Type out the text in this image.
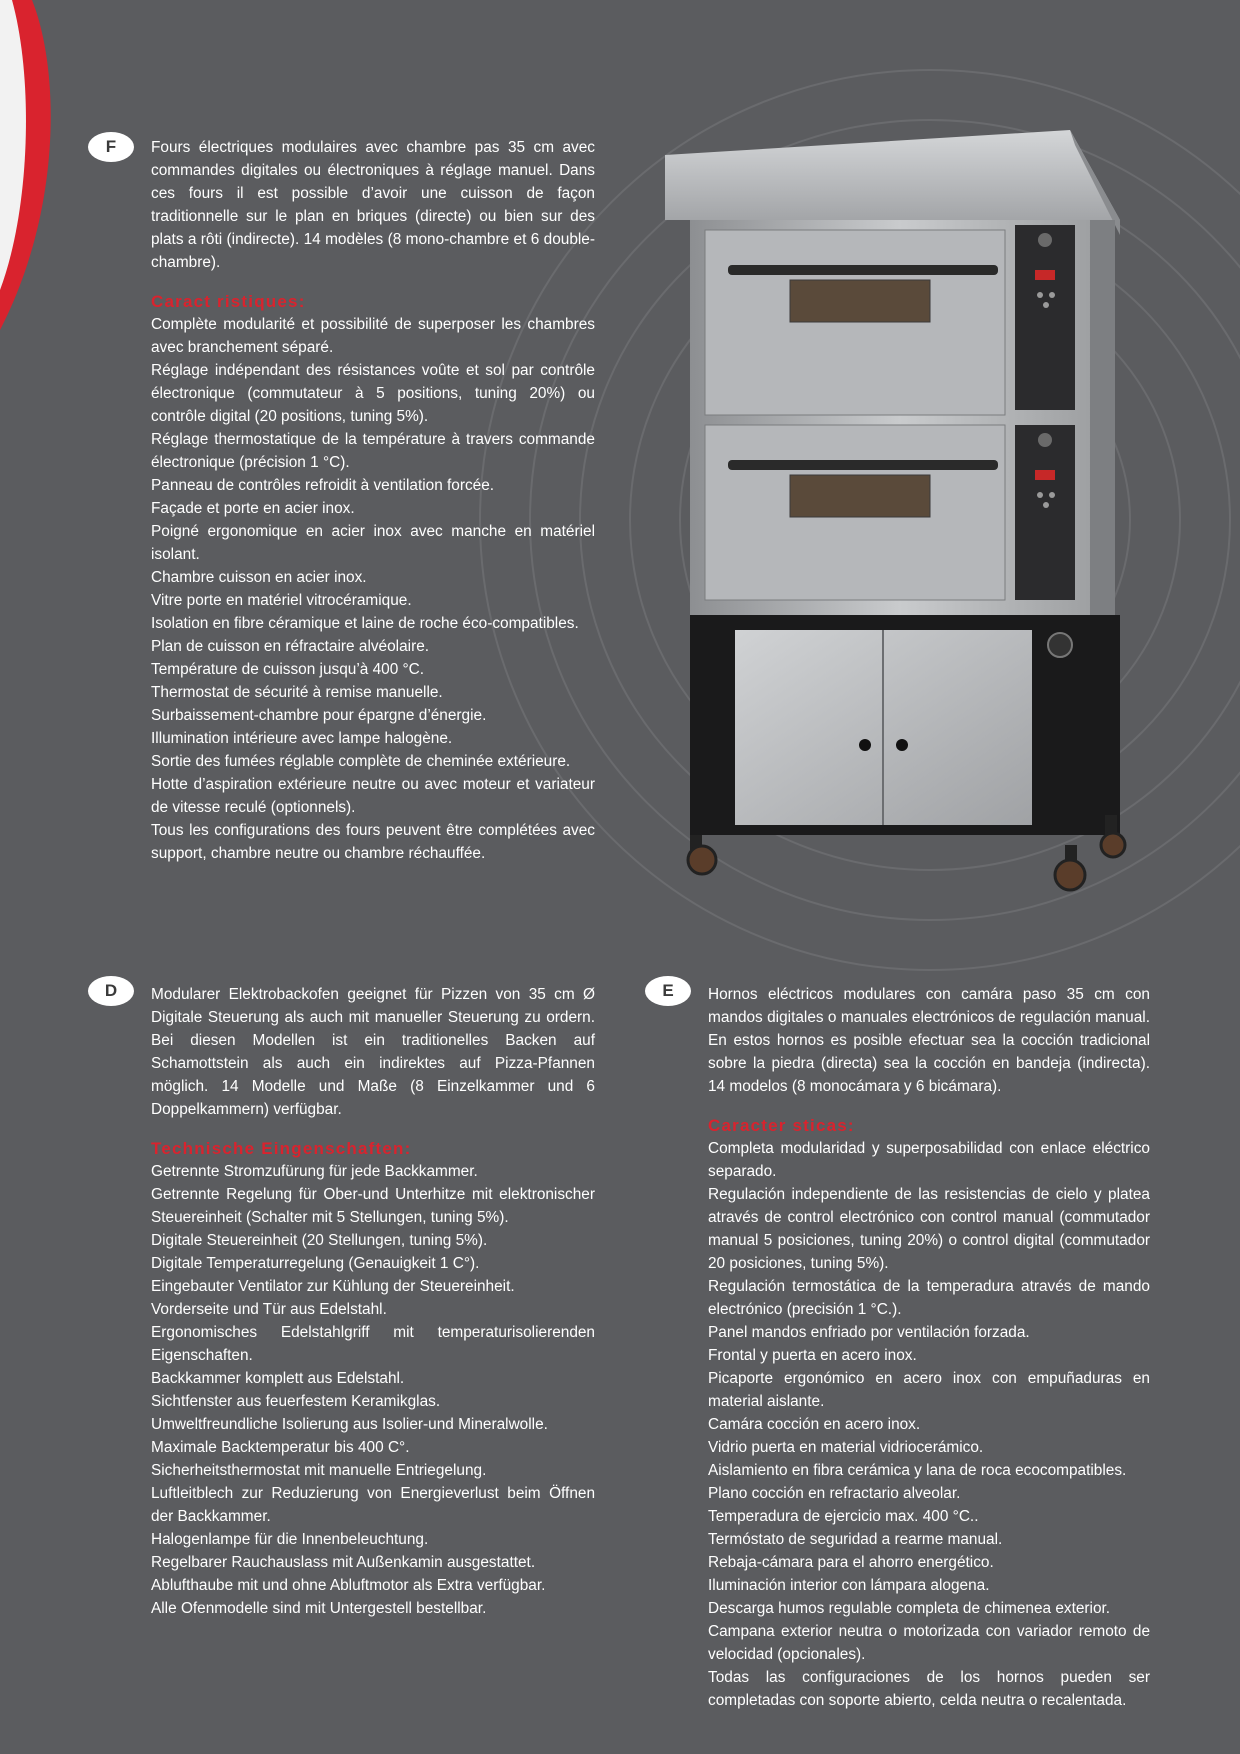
F	Fours électriques modulaires avec chambre pas 35 cm avec commandes digitales ou électroniques à réglage manuel. Dans ces fours il est possible d’avoir une cuisson de façon traditionnelle sur le plan en briques (directe) ou bien sur des plats a rôti (indirecte). 14 modèles (8 mono-chambre et 6 double-chambre).
Caract ristiques:
Complète modularité et possibilité de superposer les chambres avec branchement séparé.
Réglage indépendant des résistances voûte et sol par contrôle électronique (commutateur à 5 positions, tuning 20%) ou contrôle digital (20 positions, tuning 5%).
Réglage thermostatique de la température à travers commande électronique (précision 1 °C).
Panneau de contrôles refroidit à ventilation forcée.
Façade et porte en acier inox.
Poigné ergonomique en acier inox avec manche en matériel isolant.
Chambre cuisson en acier inox.
Vitre porte en matériel vitrocéramique.
Isolation en fibre céramique et laine de roche éco-compatibles.
Plan de cuisson en réfractaire alvéolaire.
Température de cuisson jusqu’à 400 °C.
Thermostat de sécurité à remise manuelle.
Surbaissement-chambre pour épargne d’énergie.
Illumination intérieure avec lampe halogène.
Sortie des fumées réglable complète de cheminée extérieure.
Hotte d’aspiration extérieure neutre ou avec moteur et variateur de vitesse reculé (optionnels).
Tous les configurations des fours peuvent être complétées avec support, chambre neutre ou chambre réchauffée.
D	Modularer Elektrobackofen geeignet für Pizzen von 35 cm Ø Digitale Steuerung als auch mit manueller Steuerung zu ordern. Bei diesen Modellen ist ein traditionelles Backen auf Schamottstein als auch ein indirektes auf Pizza-Pfannen möglich. 14 Modelle und Maße (8 Einzelkammer und 6 Doppelkammern) verfügbar.
Technische Eingenschaften:
Getrennte Stromzufürung für jede Backkammer.
Getrennte Regelung für Ober-und Unterhitze mit elektronischer Steuereinheit (Schalter mit 5 Stellungen, tuning 5%).
Digitale Steuereinheit (20 Stellungen, tuning 5%).
Digitale Temperaturregelung (Genauigkeit 1 C°).
Eingebauter Ventilator zur Kühlung der Steuereinheit.
Vorderseite und Tür aus Edelstahl.
Ergonomisches Edelstahlgriff mit temperaturisolierenden Eigenschaften.
Backkammer komplett aus Edelstahl.
Sichtfenster aus feuerfestem Keramikglas.
Umweltfreundliche Isolierung aus Isolier-und Mineralwolle.
Maximale Backtemperatur bis 400 C°.
Sicherheitsthermostat mit manuelle Entriegelung.
Luftleitblech zur Reduzierung von Energieverlust beim Öffnen der Backkammer.
Halogenlampe für die Innenbeleuchtung.
Regelbarer Rauchauslass mit Außenkamin ausgestattet.
Ablufthaube mit und ohne Abluftmotor als Extra verfügbar.
Alle Ofenmodelle sind mit Untergestell bestellbar.
E	Hornos eléctricos modulares con camára paso 35 cm con mandos digitales o manuales electrónicos de regulación manual. En estos hornos es posible efectuar sea la cocción tradicional sobre la piedra (directa) sea la cocción en bandeja (indirecta). 14 modelos (8 monocámara y 6 bicámara).
Caracter sticas:
Completa modularidad y superposabilidad con enlace eléctrico separado.
Regulación independiente de las resistencias de cielo y platea através de control electrónico con control manual (commutador manual 5 posiciones, tuning 20%) o control digital (commutador 20 posiciones, tuning 5%).
Regulación termostática de la temperadura através de mando electrónico (precisión 1 °C.).
Panel mandos enfriado por ventilación forzada.
Frontal y puerta en acero inox.
Picaporte ergonómico en acero inox con empuñaduras en material aislante.
Camára cocción en acero inox.
Vidrio puerta en material vidriocerámico.
Aislamiento en fibra cerámica y lana de roca ecocompatibles.
Plano cocción en refractario alveolar.
Temperadura de ejercicio max. 400 °C..
Termóstato de seguridad a rearme manual.
Rebaja-cámara para el ahorro energético.
Iluminación interior con lámpara alogena.
Descarga humos regulable completa de chimenea exterior.
Campana exterior neutra o motorizada con variador remoto de velocidad (opcionales).
Todas las configuraciones de los hornos pueden ser completadas con soporte abierto, celda neutra o recalentada.
